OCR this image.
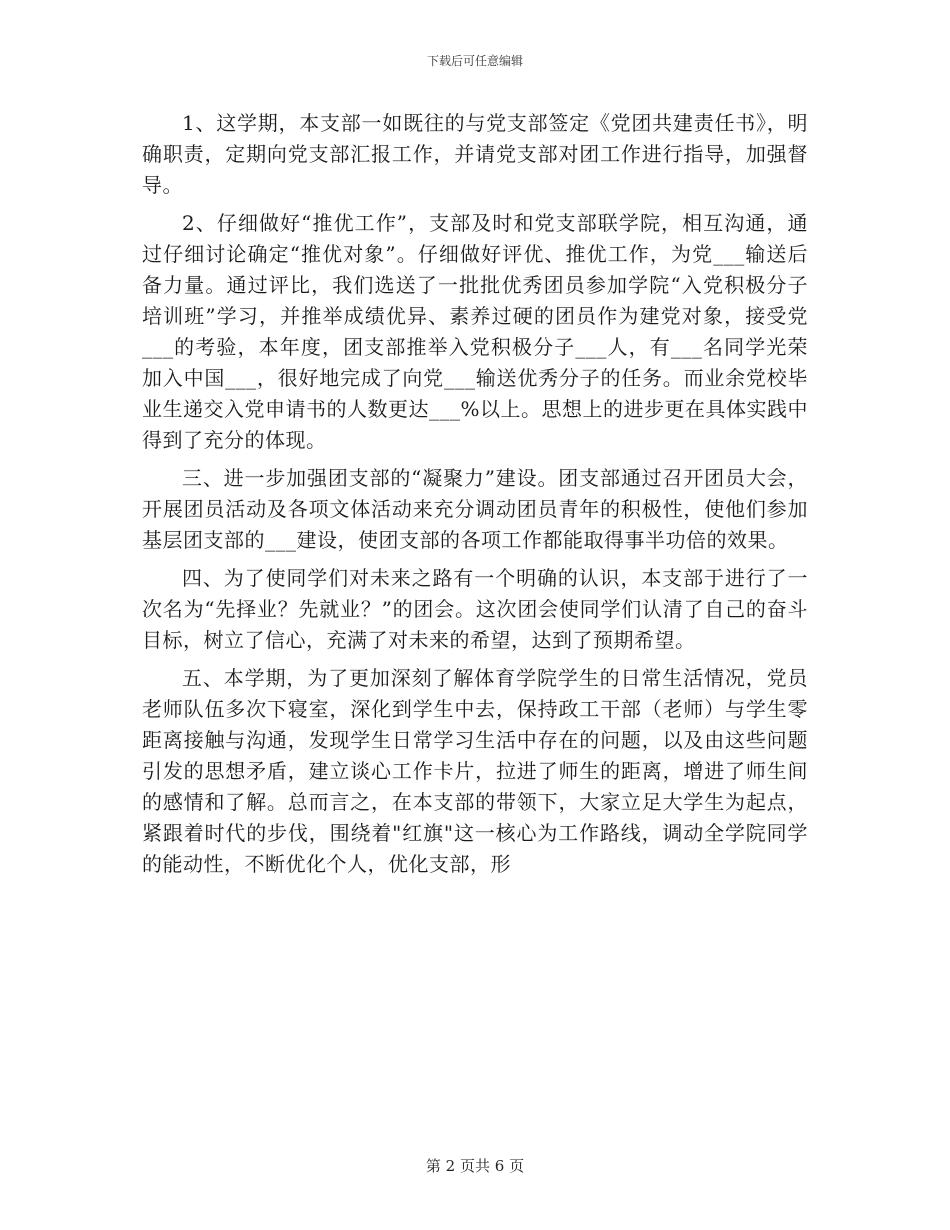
下载后可任意编辑

1、这学期，本支部一如既往的与党支部签定《党团共建责任书》，明确职责，定期向党支部汇报工作，并请党支部对团工作进行指导，加强督导。

2、仔细做好“推优工作”，支部及时和党支部联学院，相互沟通，通过仔细讨论确定“推优对象”。仔细做好评优、推优工作，为党___输送后备力量。通过评比，我们选送了一批批优秀团员参加学院“入党积极分子培训班”学习，并推举成绩优异、素养过硬的团员作为建党对象，接受党___的考验，本年度，团支部推举入党积极分子___人，有___名同学光荣加入中国___，很好地完成了向党___输送优秀分子的任务。而业余党校毕业生递交入党申请书的人数更达___%以上。思想上的进步更在具体实践中得到了充分的体现。

三、进一步加强团支部的“凝聚力”建设。团支部通过召开团员大会，开展团员活动及各项文体活动来充分调动团员青年的积极性，使他们参加基层团支部的___建设，使团支部的各项工作都能取得事半功倍的效果。

四、为了使同学们对未来之路有一个明确的认识，本支部于进行了一次名为“先择业？先就业？”的团会。这次团会使同学们认清了自己的奋斗目标，树立了信心，充满了对未来的希望，达到了预期希望。

五、本学期，为了更加深刻了解体育学院学生的日常生活情况，党员老师队伍多次下寝室，深化到学生中去，保持政工干部（老师）与学生零距离接触与沟通，发现学生日常学习生活中存在的问题，以及由这些问题引发的思想矛盾，建立谈心工作卡片，拉进了师生的距离，增进了师生间的感情和了解。总而言之，在本支部的带领下，大家立足大学生为起点，紧跟着时代的步伐，围绕着"红旗"这一核心为工作路线，调动全学院同学的能动性，不断优化个人，优化支部，形

第 2 页共 6 页
